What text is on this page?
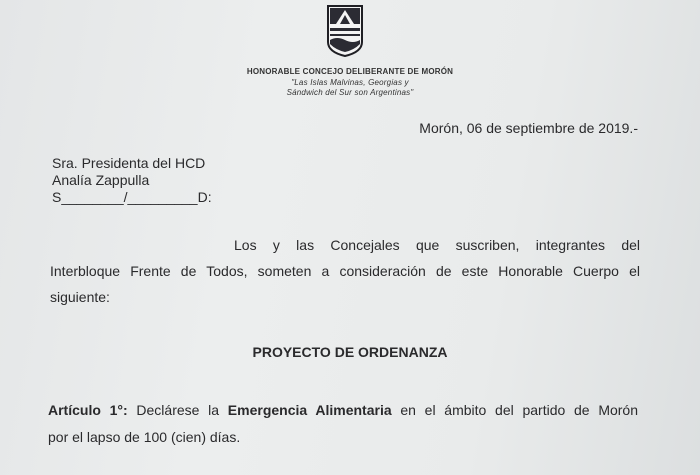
HONORABLE CONCEJO DELIBERANTE DE MORÓN
"Las Islas Malvinas, Georgias y
Sándwich del Sur son Argentinas"
Morón, 06 de septiembre de 2019.-
Sra. Presidenta del HCD
Analía Zappulla
S________/_________D:
Los y las Concejales que suscriben, integrantes del
Interbloque Frente de Todos, someten a consideración de este Honorable Cuerpo el
siguiente:
PROYECTO DE ORDENANZA
Artículo 1°: Declárese la Emergencia Alimentaria en el ámbito del partido de Morón
por el lapso de 100 (cien) días.
